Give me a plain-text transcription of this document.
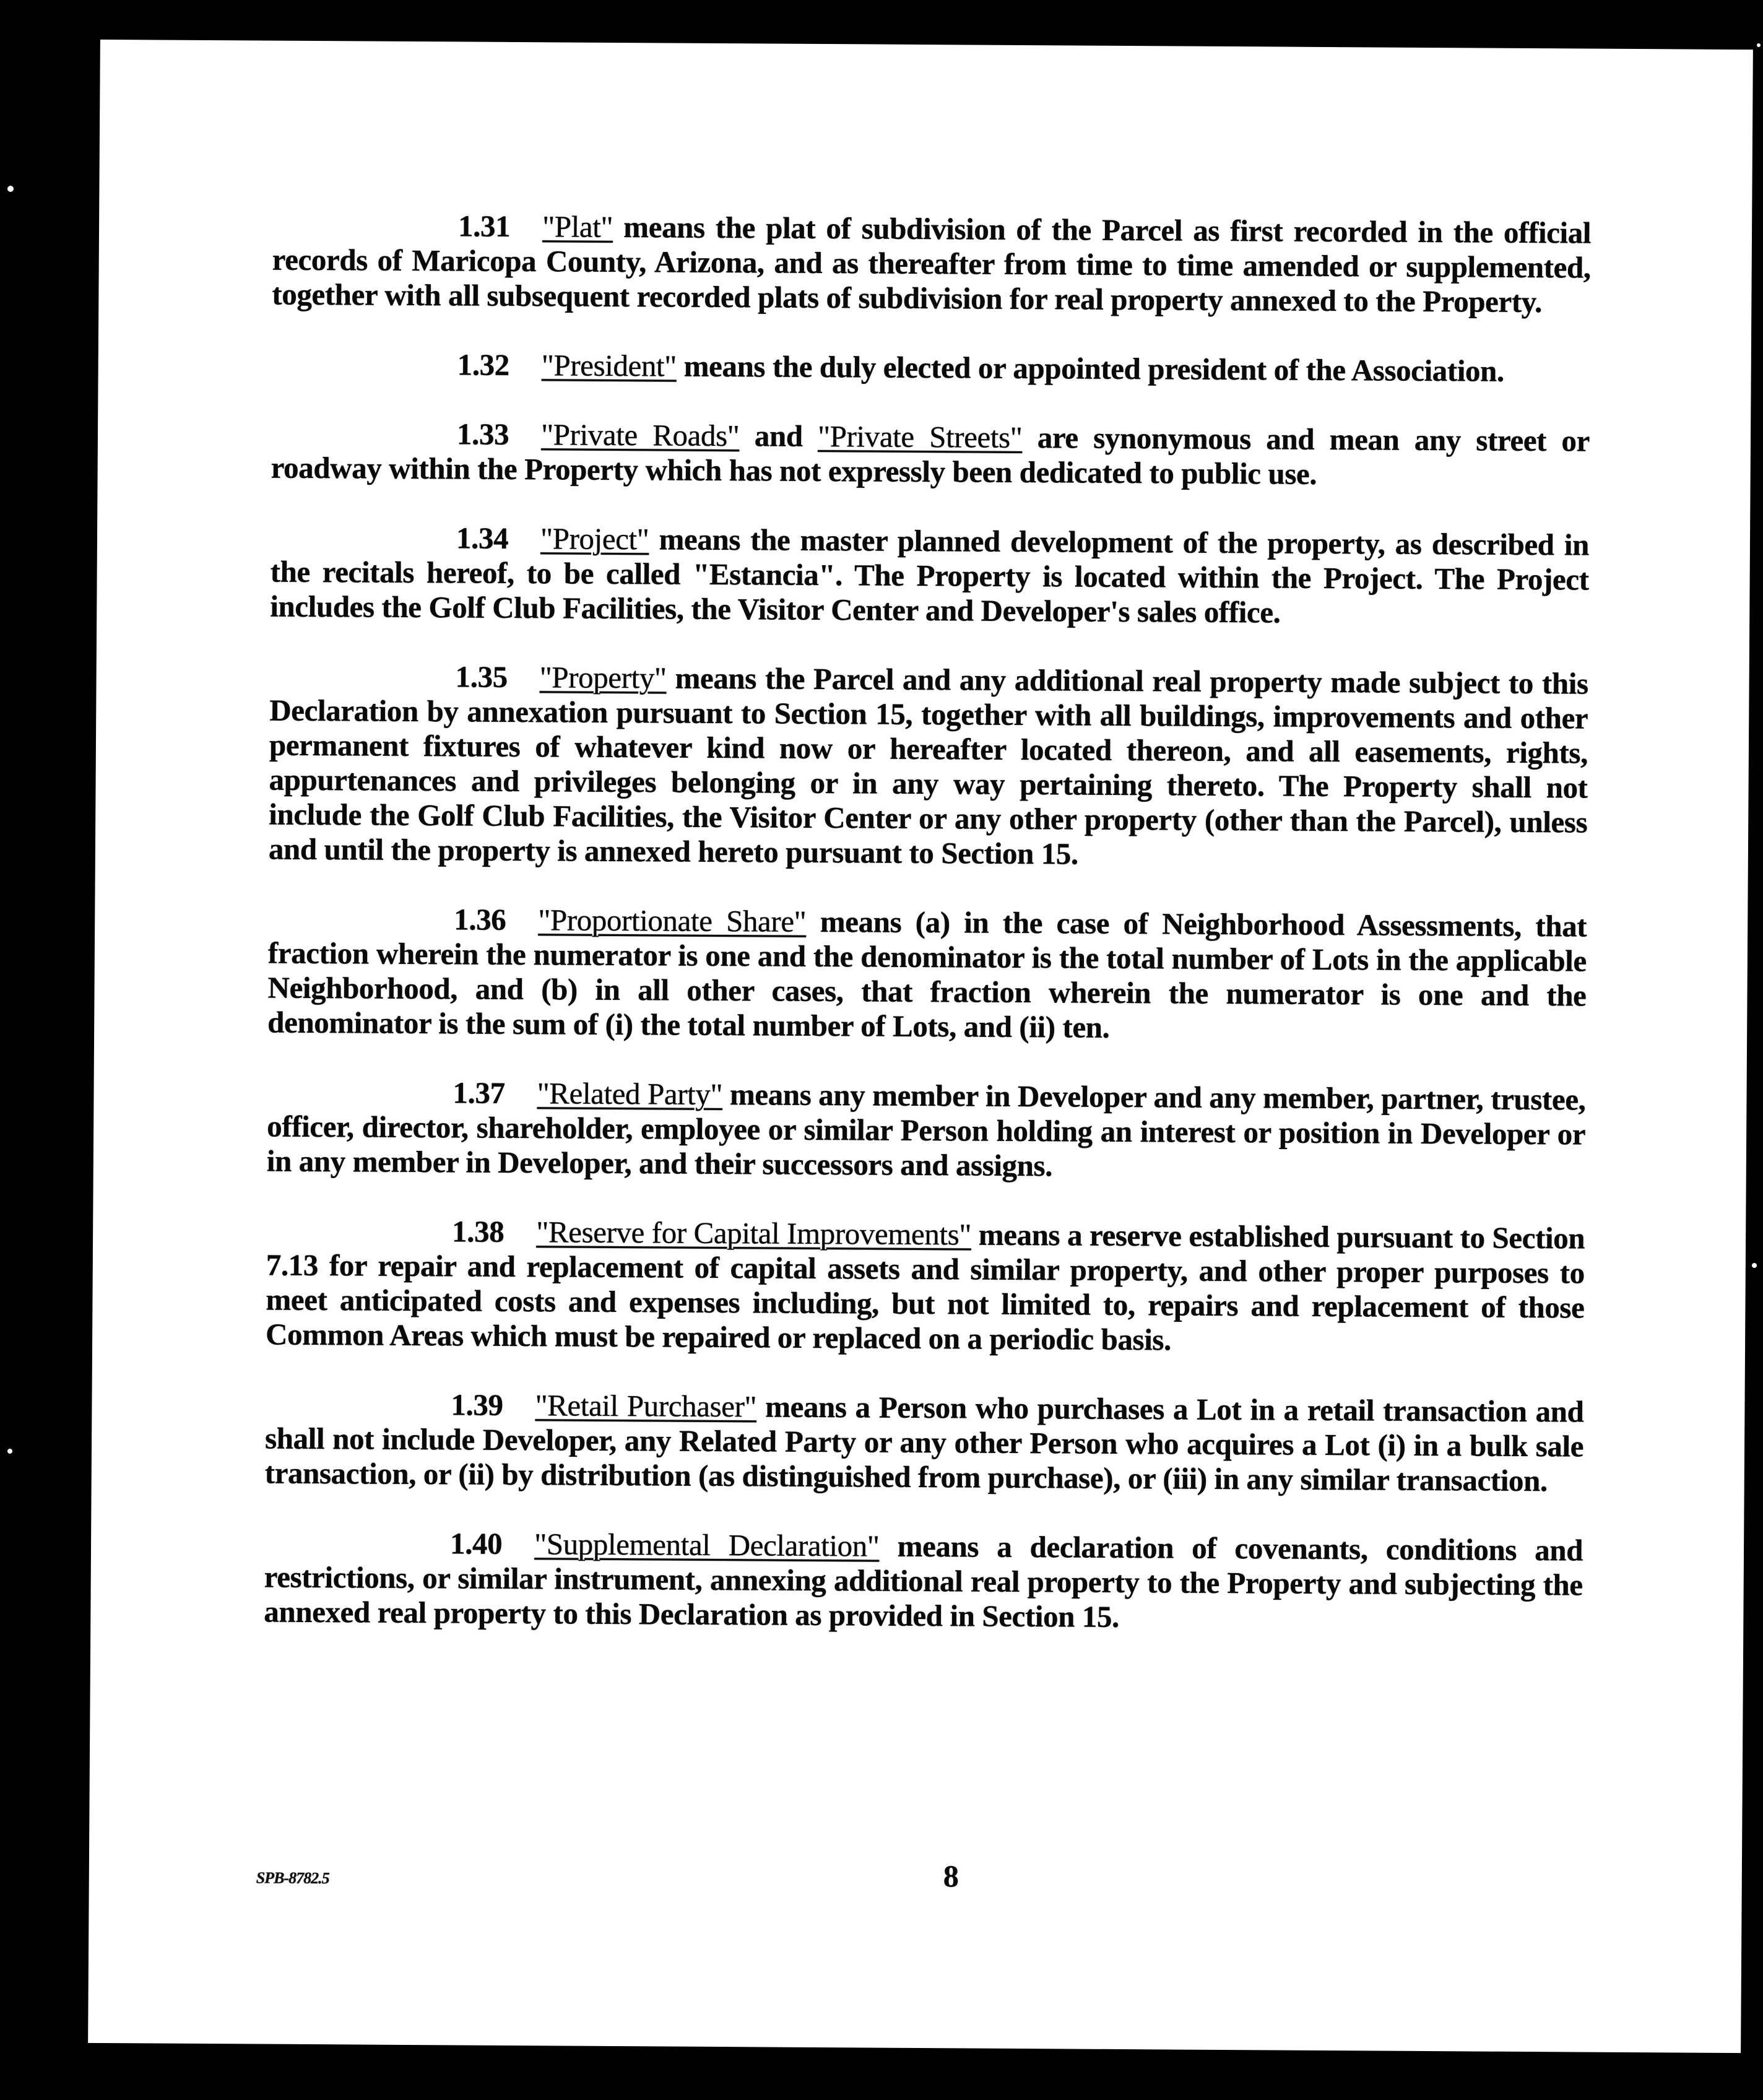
1.31 "Plat" means the plat of subdivision of the Parcel as first recorded in the official records of Maricopa County, Arizona, and as thereafter from time to time amended or supplemented, together with all subsequent recorded plats of subdivision for real property annexed to the Property.

1.32 "President" means the duly elected or appointed president of the Association.

1.33 "Private Roads" and "Private Streets" are synonymous and mean any street or roadway within the Property which has not expressly been dedicated to public use.

1.34 "Project" means the master planned development of the property, as described in the recitals hereof, to be called "Estancia". The Property is located within the Project. The Project includes the Golf Club Facilities, the Visitor Center and Developer's sales office.

1.35 "Property" means the Parcel and any additional real property made subject to this Declaration by annexation pursuant to Section 15, together with all buildings, improvements and other permanent fixtures of whatever kind now or hereafter located thereon, and all easements, rights, appurtenances and privileges belonging or in any way pertaining thereto. The Property shall not include the Golf Club Facilities, the Visitor Center or any other property (other than the Parcel), unless and until the property is annexed hereto pursuant to Section 15.

1.36 "Proportionate Share" means (a) in the case of Neighborhood Assessments, that fraction wherein the numerator is one and the denominator is the total number of Lots in the applicable Neighborhood, and (b) in all other cases, that fraction wherein the numerator is one and the denominator is the sum of (i) the total number of Lots, and (ii) ten.

1.37 "Related Party" means any member in Developer and any member, partner, trustee, officer, director, shareholder, employee or similar Person holding an interest or position in Developer or in any member in Developer, and their successors and assigns.

1.38 "Reserve for Capital Improvements" means a reserve established pursuant to Section 7.13 for repair and replacement of capital assets and similar property, and other proper purposes to meet anticipated costs and expenses including, but not limited to, repairs and replacement of those Common Areas which must be repaired or replaced on a periodic basis.

1.39 "Retail Purchaser" means a Person who purchases a Lot in a retail transaction and shall not include Developer, any Related Party or any other Person who acquires a Lot (i) in a bulk sale transaction, or (ii) by distribution (as distinguished from purchase), or (iii) in any similar transaction.

1.40 "Supplemental Declaration" means a declaration of covenants, conditions and restrictions, or similar instrument, annexing additional real property to the Property and subjecting the annexed real property to this Declaration as provided in Section 15.

SPB-8782.5	8
